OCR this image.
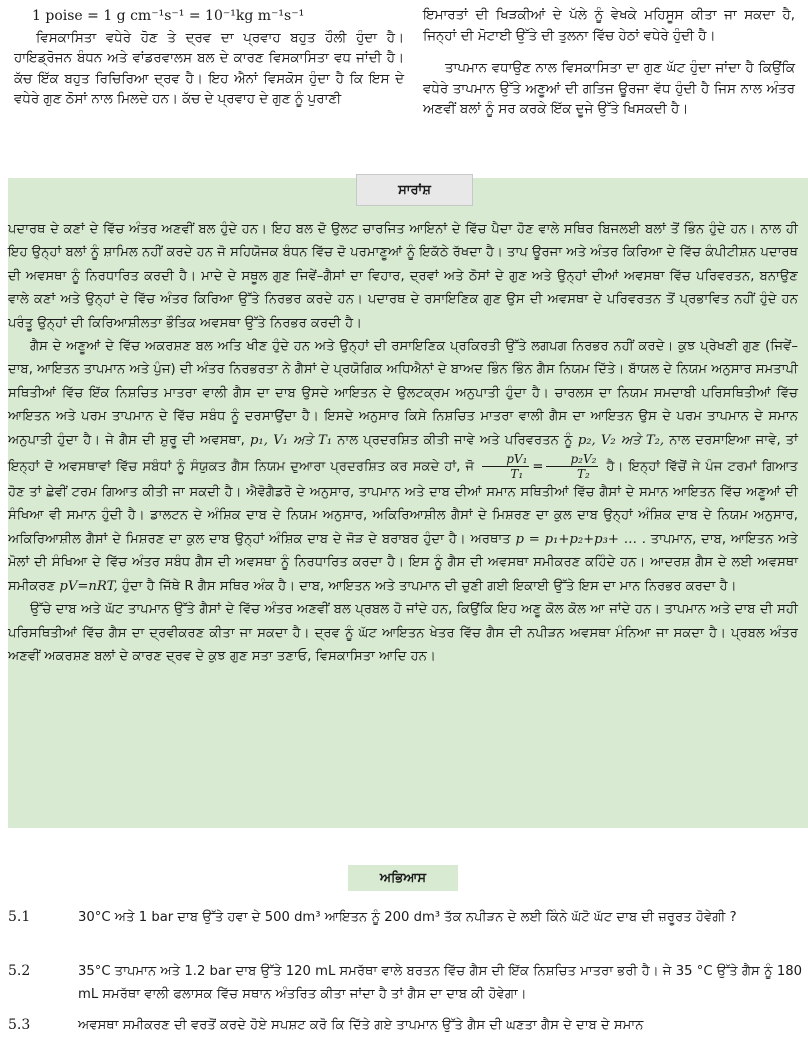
1 poise = 1 g cm⁻¹s⁻¹ = 10⁻¹kg m⁻¹s⁻¹

ਵਿਸਕਾਸਿਤਾ ਵਧੇਰੇ ਹੋਣ ਤੇ ਦ੍ਰਵ ਦਾ ਪ੍ਰਵਾਹ ਬਹੁਤ ਹੌਲੀ ਹੁੰਦਾ ਹੈ। ਹਾਇਡ੍ਰੋਜਨ ਬੰਧਨ ਅਤੇ ਵਾਂਡਰਵਾਲਸ ਬਲ ਦੇ ਕਾਰਣ ਵਿਸਕਾਸਿਤਾ ਵਧ ਜਾਂਦੀ ਹੈ। ਕੱਚ ਇੱਕ ਬਹੁਤ ਰਿਚਿਰਿਆ ਦ੍ਰਵ ਹੈ। ਇਹ ਐਨਾਂ ਵਿਸਕੋਸ ਹੁੰਦਾ ਹੈ ਕਿ ਇਸ ਦੇ ਵਧੇਰੇ ਗੁਣ ਠੋਸਾਂ ਨਾਲ ਮਿਲਦੇ ਹਨ। ਕੱਚ ਦੇ ਪ੍ਰਵਾਹ ਦੇ ਗੁਣ ਨੂੰ ਪੁਰਾਣੀ

ਇਮਾਰਤਾਂ ਦੀ ਖਿੜਕੀਆਂ ਦੇ ਪੱਲੇ ਨੂੰ ਵੇਖਕੇ ਮਹਿਸੂਸ ਕੀਤਾ ਜਾ ਸਕਦਾ ਹੈ, ਜਿਨ੍ਹਾਂ ਦੀ ਮੋਟਾਈ ਉੱਤੇ ਦੀ ਤੁਲਨਾ ਵਿੱਚ ਹੇਠਾਂ ਵਧੇਰੇ ਹੁੰਦੀ ਹੈ।

ਤਾਪਮਾਨ ਵਧਾਉਣ ਨਾਲ ਵਿਸਕਾਸਿਤਾ ਦਾ ਗੁਣ ਘੱਟ ਹੁੰਦਾ ਜਾਂਦਾ ਹੈ ਕਿਉਂਕਿ ਵਧੇਰੇ ਤਾਪਮਾਨ ਉੱਤੇ ਅਣੂਆਂ ਦੀ ਗਤਿਜ ਊਰਜਾ ਵੱਧ ਹੁੰਦੀ ਹੈ ਜਿਸ ਨਾਲ ਅੰਤਰ ਅਣਵੀਂ ਬਲਾਂ ਨੂੰ ਸਰ ਕਰਕੇ ਇੱਕ ਦੂਜੇ ਉੱਤੇ ਖਿਸਕਦੀ ਹੈ।

ਸਾਰਾਂਸ਼

ਪਦਾਰਥ ਦੇ ਕਣਾਂ ਦੇ ਵਿੱਚ ਅੰਤਰ ਅਣਵੀਂ ਬਲ ਹੁੰਦੇ ਹਨ। ਇਹ ਬਲ ਦੋ ਉਲਟ ਚਾਰਜਿਤ ਆਇਨਾਂ ਦੇ ਵਿੱਚ ਪੈਦਾ ਹੋਣ ਵਾਲੇ ਸਥਿਰ ਬਿਜਲਈ ਬਲਾਂ ਤੋਂ ਭਿੰਨ ਹੁੰਦੇ ਹਨ। ਨਾਲ ਹੀ ਇਹ ਉਨ੍ਹਾਂ ਬਲਾਂ ਨੂੰ ਸ਼ਾਮਿਲ ਨਹੀਂ ਕਰਦੇ ਹਨ ਜੋ ਸਹਿਯੋਜਕ ਬੰਧਨ ਵਿੱਚ ਦੋ ਪਰਮਾਣੂਆਂ ਨੂੰ ਇਕੱਠੇ ਰੱਖਦਾ ਹੈ। ਤਾਪ ਊਰਜਾ ਅਤੇ ਅੰਤਰ ਕਿਰਿਆ ਦੇ ਵਿੱਚ ਕੰਪੀਟੀਸ਼ਨ ਪਦਾਰਥ ਦੀ ਅਵਸਥਾ ਨੂੰ ਨਿਰਧਾਰਿਤ ਕਰਦੀ ਹੈ। ਮਾਦੇ ਦੇ ਸਥੂਲ ਗੁਣ ਜਿਵੇਂ–ਗੈਸਾਂ ਦਾ ਵਿਹਾਰ, ਦ੍ਰਵਾਂ ਅਤੇ ਠੋਸਾਂ ਦੇ ਗੁਣ ਅਤੇ ਉਨ੍ਹਾਂ ਦੀਆਂ ਅਵਸਥਾ ਵਿੱਚ ਪਰਿਵਰਤਨ, ਬਨਾਉਣ ਵਾਲੇ ਕਣਾਂ ਅਤੇ ਉਨ੍ਹਾਂ ਦੇ ਵਿੱਚ ਅੰਤਰ ਕਿਰਿਆ ਉੱਤੇ ਨਿਰਭਰ ਕਰਦੇ ਹਨ। ਪਦਾਰਥ ਦੇ ਰਸਾਇਣਿਕ ਗੁਣ ਉਸ ਦੀ ਅਵਸਥਾ ਦੇ ਪਰਿਵਰਤਨ ਤੋਂ ਪ੍ਰਭਾਵਿਤ ਨਹੀਂ ਹੁੰਦੇ ਹਨ ਪਰੰਤੂ ਉਨ੍ਹਾਂ ਦੀ ਕਿਰਿਆਸ਼ੀਲਤਾ ਭੌਤਿਕ ਅਵਸਥਾ ਉੱਤੇ ਨਿਰਭਰ ਕਰਦੀ ਹੈ।

ਗੈਸ ਦੇ ਅਣੂਆਂ ਦੇ ਵਿੱਚ ਅਕਰਸ਼ਣ ਬਲ ਅਤਿ ਖੀਣ ਹੁੰਦੇ ਹਨ ਅਤੇ ਉਨ੍ਹਾਂ ਦੀ ਰਸਾਇਣਿਕ ਪ੍ਰਕਿਰਤੀ ਉੱਤੇ ਲਗਪਗ ਨਿਰਭਰ ਨਹੀਂ ਕਰਦੇ। ਕੁਝ ਪ੍ਰੇਖਣੀ ਗੁਣ (ਜਿਵੇਂ–ਦਾਬ, ਆਇਤਨ ਤਾਪਮਾਨ ਅਤੇ ਪੁੰਜ) ਦੀ ਅੰਤਰ ਨਿਰਭਰਤਾ ਨੇ ਗੈਸਾਂ ਦੇ ਪ੍ਰਯੋਗਿਕ ਅਧਿਐਨਾਂ ਦੇ ਬਾਅਦ ਭਿੰਨ ਭਿੰਨ ਗੈਸ ਨਿਯਮ ਦਿੱਤੇ। ਬਾੱਯਲ ਦੇ ਨਿਯਮ ਅਨੁਸਾਰ ਸਮਤਾਪੀ ਸਥਿਤੀਆਂ ਵਿੱਚ ਇੱਕ ਨਿਸ਼ਚਿਤ ਮਾਤਰਾ ਵਾਲੀ ਗੈਸ ਦਾ ਦਾਬ ਉਸਦੇ ਆਇਤਨ ਦੇ ਉਲਟਕ੍ਰਮ ਅਨੁਪਾਤੀ ਹੁੰਦਾ ਹੈ। ਚਾਰਲਸ ਦਾ ਨਿਯਮ ਸਮਦਾਬੀ ਪਰਿਸਥਿਤੀਆਂ ਵਿੱਚ ਆਇਤਨ ਅਤੇ ਪਰਮ ਤਾਪਮਾਨ ਦੇ ਵਿੱਚ ਸਬੰਧ ਨੂੰ ਦਰਸਾਉਂਦਾ ਹੈ। ਇਸਦੇ ਅਨੁਸਾਰ ਕਿਸੇ ਨਿਸ਼ਚਿਤ ਮਾਤਰਾ ਵਾਲੀ ਗੈਸ ਦਾ ਆਇਤਨ ਉਸ ਦੇ ਪਰਮ ਤਾਪਮਾਨ ਦੇ ਸਮਾਨ ਅਨੁਪਾਤੀ ਹੁੰਦਾ ਹੈ। ਜੇ ਗੈਸ ਦੀ ਸ਼ੁਰੂ ਦੀ ਅਵਸਥਾ, p₁, V₁ ਅਤੇ T₁ ਨਾਲ ਪ੍ਰਦਰਸ਼ਿਤ ਕੀਤੀ ਜਾਵੇ ਅਤੇ ਪਰਿਵਰਤਨ ਨੂੰ p₂, V₂ ਅਤੇ T₂, ਨਾਲ ਦਰਸਾਇਆ ਜਾਵੇ, ਤਾਂ ਇਨ੍ਹਾਂ ਦੋ ਅਵਸਥਾਵਾਂ ਵਿੱਚ ਸਬੰਧਾਂ ਨੂੰ ਸੰਯੁਕਤ ਗੈਸ ਨਿਯਮ ਦੁਆਰਾ ਪ੍ਰਦਰਸ਼ਿਤ ਕਰ ਸਕਦੇ ਹਾਂ, ਜੋ $\frac{\text{pV₁}}{\text{T₁}} = \frac{\text{p₂V₂}}{\text{T₂}}$ ਹੈ। ਇਨ੍ਹਾਂ ਵਿੱਚੋਂ ਜੇ ਪੰਜ ਟਰਮਾਂ ਗਿਆਤ ਹੋਣ ਤਾਂ ਛੇਵੀਂ ਟਰਮ ਗਿਆਤ ਕੀਤੀ ਜਾ ਸਕਦੀ ਹੈ। ਐਵੋਗੈਡਰੋ ਦੇ ਅਨੁਸਾਰ, ਤਾਪਮਾਨ ਅਤੇ ਦਾਬ ਦੀਆਂ ਸਮਾਨ ਸਥਿਤੀਆਂ ਵਿੱਚ ਗੈਸਾਂ ਦੇ ਸਮਾਨ ਆਇਤਨ ਵਿੱਚ ਅਣੂਆਂ ਦੀ ਸੰਖਿਆ ਵੀ ਸਮਾਨ ਹੁੰਦੀ ਹੈ। ਡਾਲਟਨ ਦੇ ਅੰਸ਼ਿਕ ਦਾਬ ਦੇ ਨਿਯਮ ਅਨੁਸਾਰ, ਅਕਿਰਿਆਸ਼ੀਲ ਗੈਸਾਂ ਦੇ ਮਿਸ਼ਰਣ ਦਾ ਕੁਲ ਦਾਬ ਉਨ੍ਹਾਂ ਅੰਸ਼ਿਕ ਦਾਬ ਦੇ ਨਿਯਮ ਅਨੁਸਾਰ, ਅਕਿਰਿਆਸ਼ੀਲ ਗੈਸਾਂ ਦੇ ਮਿਸ਼ਰਣ ਦਾ ਕੁਲ ਦਾਬ ਉਨ੍ਹਾਂ ਅੰਸ਼ਿਕ ਦਾਬ ਦੇ ਜੋੜ ਦੇ ਬਰਾਬਰ ਹੁੰਦਾ ਹੈ। ਅਰਥਾਤ p = p₁+p₂+p₃+ … . ਤਾਪਮਾਨ, ਦਾਬ, ਆਇਤਨ ਅਤੇ ਮੋਲਾਂ ਦੀ ਸੰਖਿਆ ਦੇ ਵਿੱਚ ਅੰਤਰ ਸਬੰਧ ਗੈਸ ਦੀ ਅਵਸਥਾ ਨੂੰ ਨਿਰਧਾਰਿਤ ਕਰਦਾ ਹੈ। ਇਸ ਨੂੰ ਗੈਸ ਦੀ ਅਵਸਥਾ ਸਮੀਕਰਣ ਕਹਿੰਦੇ ਹਨ। ਆਦਰਸ਼ ਗੈਸ ਦੇ ਲਈ ਅਵਸਥਾ ਸਮੀਕਰਣ pV=nRT, ਹੁੰਦਾ ਹੈ ਜਿੱਥੇ R ਗੈਸ ਸਥਿਰ ਅੰਕ ਹੈ। ਦਾਬ, ਆਇਤਨ ਅਤੇ ਤਾਪਮਾਨ ਦੀ ਚੁਣੀ ਗਈ ਇਕਾਈ ਉੱਤੇ ਇਸ ਦਾ ਮਾਨ ਨਿਰਭਰ ਕਰਦਾ ਹੈ।

ਉੱਚੇ ਦਾਬ ਅਤੇ ਘੱਟ ਤਾਪਮਾਨ ਉੱਤੇ ਗੈਸਾਂ ਦੇ ਵਿੱਚ ਅੰਤਰ ਅਣਵੀਂ ਬਲ ਪ੍ਰਬਲ ਹੋ ਜਾਂਦੇ ਹਨ, ਕਿਉਂਕਿ ਇਹ ਅਣੂ ਕੋਲ ਕੋਲ ਆ ਜਾਂਦੇ ਹਨ। ਤਾਪਮਾਨ ਅਤੇ ਦਾਬ ਦੀ ਸਹੀ ਪਰਿਸਥਿਤੀਆਂ ਵਿੱਚ ਗੈਸ ਦਾ ਦ੍ਰਵੀਕਰਣ ਕੀਤਾ ਜਾ ਸਕਦਾ ਹੈ। ਦ੍ਰਵ ਨੂੰ ਘੱਟ ਆਇਤਨ ਖੇਤਰ ਵਿੱਚ ਗੈਸ ਦੀ ਨਪੀੜਨ ਅਵਸਥਾ ਮੰਨਿਆ ਜਾ ਸਕਦਾ ਹੈ। ਪ੍ਰਬਲ ਅੰਤਰ ਅਣਵੀਂ ਅਕਰਸ਼ਣ ਬਲਾਂ ਦੇ ਕਾਰਣ ਦ੍ਰਵ ਦੇ ਕੁਝ ਗੁਣ ਸਤਾ ਤਣਾਓ, ਵਿਸਕਾਸਿਤਾ ਆਦਿ ਹਨ।

ਅਭਿਆਸ
5.1	30°C ਅਤੇ 1 bar ਦਾਬ ਉੱਤੇ ਹਵਾ ਦੇ 500 dm³ ਆਇਤਨ ਨੂੰ 200 dm³ ਤੱਕ ਨਪੀੜਨ ਦੇ ਲਈ ਕਿੰਨੇ ਘੱਟੋ ਘੱਟ ਦਾਬ ਦੀ ਜ਼ਰੂਰਤ ਹੋਵੇਗੀ ?
5.2	35°C ਤਾਪਮਾਨ ਅਤੇ 1.2 bar ਦਾਬ ਉੱਤੇ 120 mL ਸਮਰੱਥਾ ਵਾਲੇ ਬਰਤਨ ਵਿੱਚ ਗੈਸ ਦੀ ਇੱਕ ਨਿਸ਼ਚਿਤ ਮਾਤਰਾ ਭਰੀ ਹੈ। ਜੇ 35 °C ਉੱਤੇ ਗੈਸ ਨੂੰ 180 mL ਸਮਰੱਥਾ ਵਾਲੀ ਫਲਾਸਕ ਵਿੱਚ ਸਥਾਨ ਅੰਤਰਿਤ ਕੀਤਾ ਜਾਂਦਾ ਹੈ ਤਾਂ ਗੈਸ ਦਾ ਦਾਬ ਕੀ ਹੋਵੇਗਾ।
5.3	ਅਵਸਥਾ ਸਮੀਕਰਣ ਦੀ ਵਰਤੋਂ ਕਰਦੇ ਹੋਏ ਸਪਸ਼ਟ ਕਰੋ ਕਿ ਦਿੱਤੇ ਗਏ ਤਾਪਮਾਨ ਉੱਤੇ ਗੈਸ ਦੀ ਘਣਤਾ ਗੈਸ ਦੇ ਦਾਬ ਦੇ ਸਮਾਨ
